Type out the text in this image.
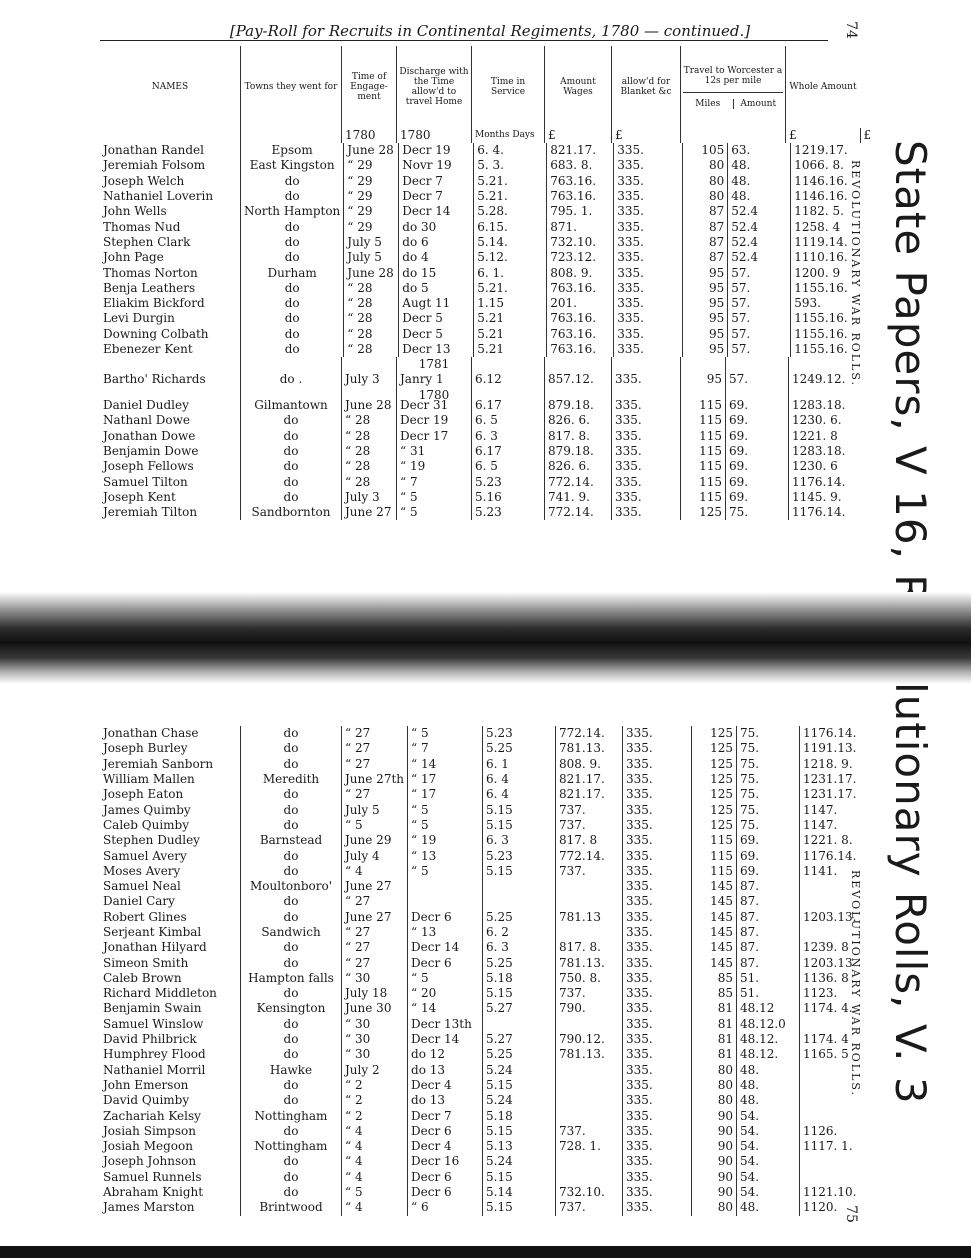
[Pay-Roll for Recruits in Continental Regiments, 1780 — continued.]	74
75
REVOLUTIONARY WAR ROLLS.
REVOLUTIONARY WAR ROLLS.
NAMES	Towns they went for	Time of Engage- ment	Discharge with the Time allow'd to travel Home	Time in Service	Amount Wages	allow'd for Blanket &c	Travel to Worcester a 12s per mile
Miles Amount	Whole Amount	
		1780	1780	Months Days	£	£		£	£
Jonathan Randel	Epsom	June 28	Decr 19	6. 4.	821.17.	335.	105	63.	1219.17.
Jeremiah Folsom	East Kingston	“ 29	Novr 19	5. 3.	683. 8.	335.	80	48.	1066. 8.
Joseph Welch	do	“ 29	Decr 7	5.21.	763.16.	335.	80	48.	1146.16.
Nathaniel Loverin	do	“ 29	Decr 7	5.21.	763.16.	335.	80	48.	1146.16.
John Wells	North Hampton	“ 29	Decr 14	5.28.	795. 1.	335.	87	52.4	1182. 5.
Thomas Nud	do	“ 29	do 30	6.15.	871.	335.	87	52.4	1258. 4
Stephen Clark	do	July 5	do 6	5.14.	732.10.	335.	87	52.4	1119.14.
John Page	do	July 5	do 4	5.12.	723.12.	335.	87	52.4	1110.16.
Thomas Norton	Durham	June 28	do 15	6. 1.	808. 9.	335.	95	57.	1200. 9
Benja Leathers	do	“ 28	do 5	5.21.	763.16.	335.	95	57.	1155.16.
Eliakim Bickford	do	“ 28	Augt 11	1.15	201.	335.	95	57.	593.
Levi Durgin	do	“ 28	Decr 5	5.21	763.16.	335.	95	57.	1155.16.
Downing Colbath	do	“ 28	Decr 5	5.21	763.16.	335.	95	57.	1155.16.
Ebenezer Kent	do	“ 28	Decr 13	5.21	763.16.	335.	95	57.	1155.16.
			1781						
Bartho' Richards	do .	July 3	Janry 1	6.12	857.12.	335.	95	57.	1249.12.
			1780						
Daniel Dudley	Gilmantown	June 28	Decr 31	6.17	879.18.	335.	115	69.	1283.18.
Nathanl Dowe	do	“ 28	Decr 19	6. 5	826. 6.	335.	115	69.	1230. 6.
Jonathan Dowe	do	“ 28	Decr 17	6. 3	817. 8.	335.	115	69.	1221. 8
Benjamin Dowe	do	“ 28	“ 31	6.17	879.18.	335.	115	69.	1283.18.
Joseph Fellows	do	“ 28	“ 19	6. 5	826. 6.	335.	115	69.	1230. 6
Samuel Tilton	do	“ 28	“ 7	5.23	772.14.	335.	115	69.	1176.14.
Joseph Kent	do	July 3	“ 5	5.16	741. 9.	335.	115	69.	1145. 9.
Jeremiah Tilton	Sandbornton	June 27	“ 5	5.23	772.14.	335.	125	75.	1176.14.
Jonathan Chase	do	“ 27	“ 5	5.23	772.14.	335.	125	75.	1176.14.
Joseph Burley	do	“ 27	“ 7	5.25	781.13.	335.	125	75.	1191.13.
Jeremiah Sanborn	do	“ 27	“ 14	6. 1	808. 9.	335.	125	75.	1218. 9.
William Mallen	Meredith	June 27th	“ 17	6. 4	821.17.	335.	125	75.	1231.17.
Joseph Eaton	do	“ 27	“ 17	6. 4	821.17.	335.	125	75.	1231.17.
James Quimby	do	July 5	“ 5	5.15	737.	335.	125	75.	1147.
Caleb Quimby	do	“ 5	“ 5	5.15	737.	335.	125	75.	1147.
Stephen Dudley	Barnstead	June 29	“ 19	6. 3	817. 8	335.	115	69.	1221. 8.
Samuel Avery	do	July 4	“ 13	5.23	772.14.	335.	115	69.	1176.14.
Moses Avery	do	“ 4	“ 5	5.15	737.	335.	115	69.	1141.
Samuel Neal	Moultonboro'	June 27				335.	145	87.	
Daniel Cary	do	“ 27				335.	145	87.	
Robert Glines	do	June 27	Decr 6	5.25	781.13	335.	145	87.	1203.13.
Serjeant Kimbal	Sandwich	“ 27	“ 13	6. 2		335.	145	87.	
Jonathan Hilyard	do	“ 27	Decr 14	6. 3	817. 8.	335.	145	87.	1239. 8
Simeon Smith	do	“ 27	Decr 6	5.25	781.13.	335.	145	87.	1203.13
Caleb Brown	Hampton falls	“ 30	“ 5	5.18	750. 8.	335.	85	51.	1136. 8
Richard Middleton	do	July 18	“ 20	5.15	737.	335.	85	51.	1123.
Benjamin Swain	Kensington	June 30	“ 14	5.27	790.	335.	81	48.12	1174. 4.
Samuel Winslow	do	“ 30	Decr 13th			335.	81	48.12.0	
David Philbrick	do	“ 30	Decr 14	5.27	790.12.	335.	81	48.12.	1174. 4
Humphrey Flood	do	“ 30	do 12	5.25	781.13.	335.	81	48.12.	1165. 5
Nathaniel Morril	Hawke	July 2	do 13	5.24		335.	80	48.	
John Emerson	do	“ 2	Decr 4	5.15		335.	80	48.	
David Quimby	do	“ 2	do 13	5.24		335.	80	48.	
Zachariah Kelsy	Nottingham	“ 2	Decr 7	5.18		335.	90	54.	
Josiah Simpson	do	“ 4	Decr 6	5.15	737.	335.	90	54.	1126.
Josiah Megoon	Nottingham	“ 4	Decr 4	5.13	728. 1.	335.	90	54.	1117. 1.
Joseph Johnson	do	“ 4	Decr 16	5.24		335.	90	54.	
Samuel Runnels	do	“ 4	Decr 6	5.15		335.	90	54.	
Abraham Knight	do	“ 5	Decr 6	5.14	732.10.	335.	90	54.	1121.10.
James Marston	Brintwood	“ 4	“ 6	5.15	737.	335.	80	48.	1120.
